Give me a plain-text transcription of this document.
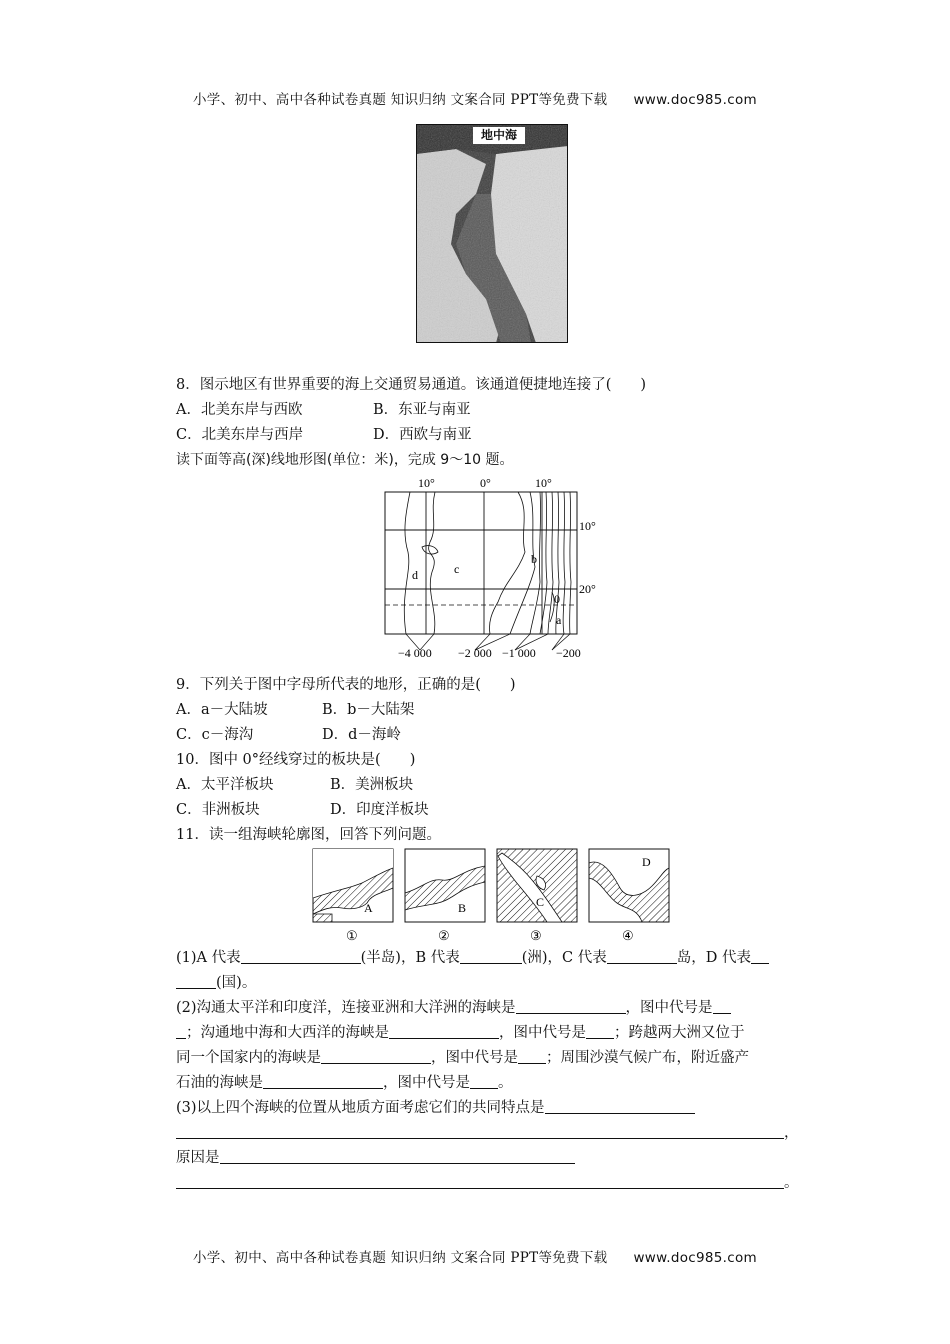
小学、初中、高中各种试卷真题 知识归纳 文案合同 PPT等免费下载 www.doc985.com
地中海
8．图示地区有世界重要的海上交通贸易通道。该通道便捷地连接了(　　)
A．北美东岸与西欧	B．东亚与南亚
C．北美东岸与西岸	D．西欧与南亚
读下面等高(深)线地形图(单位：米)，完成 9～10 题。
10°	0°	10°
10°
20°
d	c
b
0
a
−4 000 −2 000 −1 000 −200
9．下列关于图中字母所代表的地形，正确的是(　　)
A．a－大陆坡	B．b－大陆架
C．c－海沟	D．d－海岭
10．图中 0°经线穿过的板块是(　　)
A．太平洋板块	B．美洲板块
C．非洲板块	D．印度洋板块
11．读一组海峡轮廓图，回答下列问题。
A	B	C
D
①	②	③	④
(1)A 代表	(半岛)，B 代表	(洲)，C 代表	岛，D 代表
(国)。
(2)沟通太平洋和印度洋，连接亚洲和大洋洲的海峡是	，图中代号是
；沟通地中海和大西洋的海峡是	，图中代号是 ；跨越两大洲又位于
同一个国家内的海峡是	，图中代号是 ；周围沙漠气候广布，附近盛产
石油的海峡是	，图中代号是 。
(3)以上四个海峡的位置从地质方面考虑它们的共同特点是
，
原因是
。
小学、初中、高中各种试卷真题 知识归纳 文案合同 PPT等免费下载 www.doc985.com
